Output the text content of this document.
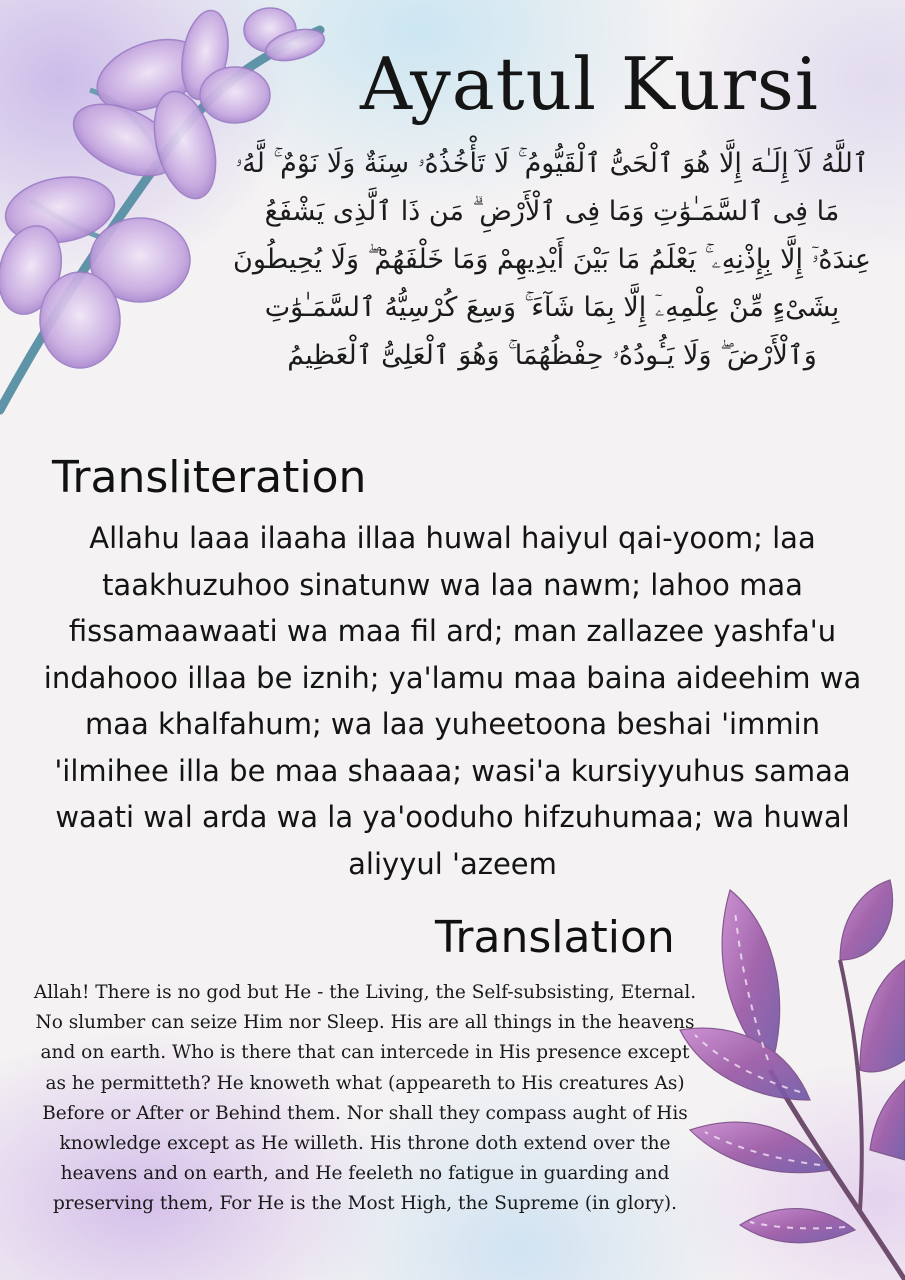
Ayatul Kursi
ٱللَّهُ لَآ إِلَـٰهَ إِلَّا هُوَ ٱلْحَىُّ ٱلْقَيُّومُ ۚ لَا تَأْخُذُهُۥ سِنَةٌ وَلَا نَوْمٌ ۚ لَّهُۥ مَا فِى ٱلسَّمَـٰوَٰتِ وَمَا فِى ٱلْأَرْضِ ۗ مَن ذَا ٱلَّذِى يَشْفَعُ عِندَهُۥٓ إِلَّا بِإِذْنِهِۦ ۚ يَعْلَمُ مَا بَيْنَ أَيْدِيهِمْ وَمَا خَلْفَهُمْ ۖ وَلَا يُحِيطُونَ بِشَىْءٍ مِّنْ عِلْمِهِۦٓ إِلَّا بِمَا شَآءَ ۚ وَسِعَ كُرْسِيُّهُ ٱلسَّمَـٰوَٰتِ وَٱلْأَرْضَ ۖ وَلَا يَـُٔودُهُۥ حِفْظُهُمَا ۚ وَهُوَ ٱلْعَلِىُّ ٱلْعَظِيمُ
Transliteration
Allahu laaa ilaaha illaa huwal haiyul qai-yoom; laa taakhuzuhoo sinatunw wa laa nawm; lahoo maa fissamaawaati wa maa fil ard; man zallazee yashfa'u indahooo illaa be iznih; ya'lamu maa baina aideehim wa maa khalfahum; wa laa yuheetoona beshai 'immin 'ilmihee illa be maa shaaaa; wasi'a kursiyyuhus samaa waati wal arda wa la ya'ooduho hifzuhumaa; wa huwal aliyyul 'azeem
Translation
Allah! There is no god but He - the Living, the Self-subsisting, Eternal. No slumber can seize Him nor Sleep. His are all things in the heavens and on earth. Who is there that can intercede in His presence except as he permitteth? He knoweth what (appeareth to His creatures As) Before or After or Behind them. Nor shall they compass aught of His knowledge except as He willeth. His throne doth extend over the heavens and on earth, and He feeleth no fatigue in guarding and preserving them, For He is the Most High, the Supreme (in glory).
